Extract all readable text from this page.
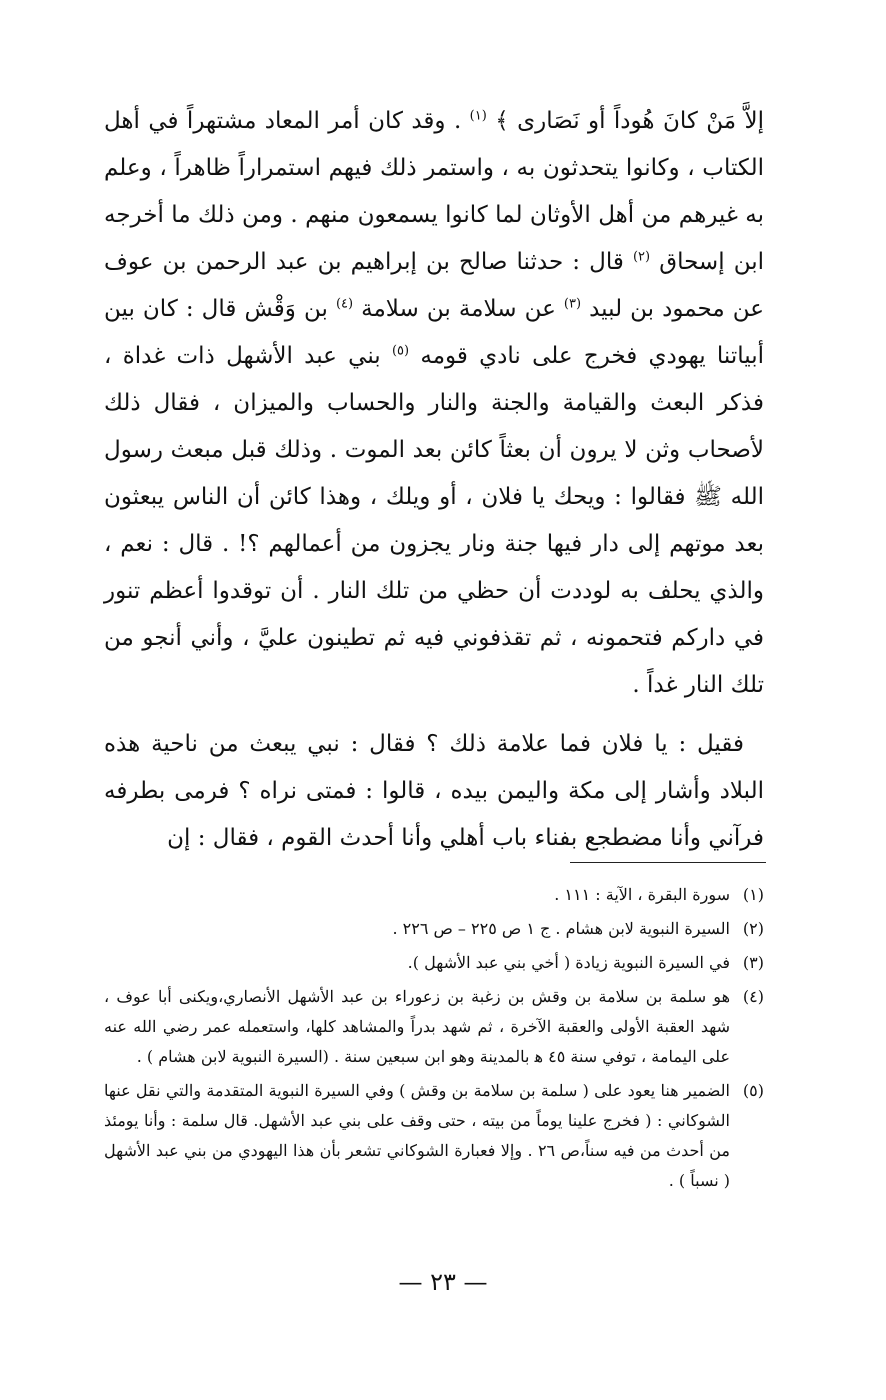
إلاَّ مَنْ كانَ هُوداً أو نَصَارى ﴾ $^{(١)}$ . وقد كان أمر المعاد مشتهراً في أهل الكتاب ، وكانوا يتحدثون به ، واستمر ذلك فيهم استمراراً ظاهراً ، وعلم به غيرهم من أهل الأوثان لما كانوا يسمعون منهم . ومن ذلك ما أخرجه ابن إسحاق $^{(٢)}$ قال : حدثنا صالح بن إبراهيم بن عبد الرحمن بن عوف عن محمود بن لبيد $^{(٣)}$ عن سلامة بن سلامة $^{(٤)}$ بن وَقْش قال : كان بين أبياتنا يهودي فخرج على نادي قومه $^{(٥)}$ بني عبد الأشهل ذات غداة ، فذكر البعث والقيامة والجنة والنار والحساب والميزان ، فقال ذلك لأصحاب وثن لا يرون أن بعثاً كائن بعد الموت . وذلك قبل مبعث رسول الله ﷺ فقالوا : ويحك يا فلان ، أو ويلك ، وهذا كائن أن الناس يبعثون بعد موتهم إلى دار فيها جنة ونار يجزون من أعمالهم ؟! . قال : نعم ، والذي يحلف به لوددت أن حظي من تلك النار . أن توقدوا أعظم تنور في داركم فتحمونه ، ثم تقذفوني فيه ثم تطينون عليَّ ، وأني أنجو من تلك النار غداً .

فقيل : يا فلان فما علامة ذلك ؟ فقال : نبي يبعث من ناحية هذه البلاد وأشار إلى مكة واليمن بيده ، قالوا : فمتى نراه ؟ فرمى بطرفه فرآني وأنا مضطجع بفناء باب أهلي وأنا أحدث القوم ، فقال : إن

(١)
سورة البقرة ، الآية : ١١١ .
(٢)
السيرة النبوية لابن هشام . ج ١ ص ٢٢٥ – ص ٢٢٦ .
(٣)
في السيرة النبوية زيادة ( أخي بني عبد الأشهل ).
(٤)
هو سلمة بن سلامة بن وقش بن زغبة بن زعوراء بن عبد الأشهل الأنصاري،ويكنى أبا عوف ، شهد العقبة الأولى والعقبة الآخرة ، ثم شهد بدراً والمشاهد كلها، واستعمله عمر رضي الله عنه على اليمامة ، توفي سنة ٤٥ ﻫ بالمدينة وهو ابن سبعين سنة . (السيرة النبوية لابن هشام ) .
(٥)
الضمير هنا يعود على ( سلمة بن سلامة بن وقش ) وفي السيرة النبوية المتقدمة والتي نقل عنها الشوكاني : ( فخرج علينا يوماً من بيته ، حتى وقف على بني عبد الأشهل. قال سلمة : وأنا يومئذ من أحدث من فيه سناً،ص ٢٦ . وإلا فعبارة الشوكاني تشعر بأن هذا اليهودي من بني عبد الأشهل ( نسباً ) .
— ٢٣ —
